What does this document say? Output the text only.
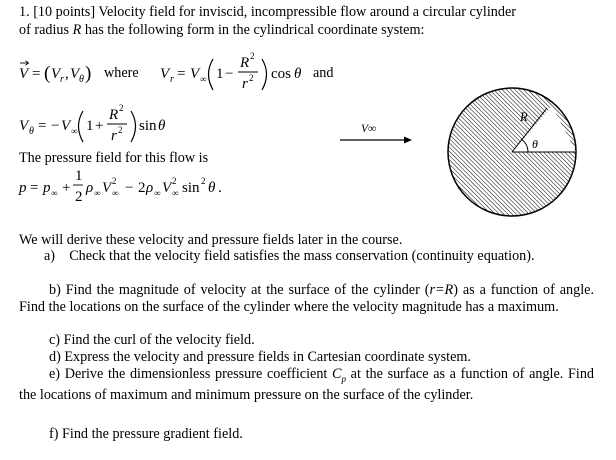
1. [10 points] Velocity field for inviscid, incompressible flow around a circular cylinder
of radius R has the following form in the cylindrical coordinate system:
V = ( V r , V θ ) where V r = V ∞ 1 −
R 2
r 2 cos θ and
V θ = − V ∞ 1 +
R 2
r 2 sin θ
The pressure field for this flow is
p = p ∞ +
1
2
ρ ∞ V 2
∞ − 2 ρ ∞ V 2
∞ sin 2 θ .
V∞
R
θ
We will derive these velocity and pressure fields later in the course.
a) Check that the velocity field satisfies the mass conservation (continuity equation).
b) Find the magnitude of velocity at the surface of the cylinder (r=R) as a function of angle. Find the locations on the surface of the cylinder where the velocity magnitude has a maximum.
c) Find the curl of the velocity field.
d) Express the velocity and pressure fields in Cartesian coordinate system.
e) Derive the dimensionless pressure coefficient $C_p$ at the surface as a function of angle. Find the locations of maximum and minimum pressure on the surface of the cylinder.
f) Find the pressure gradient field.
